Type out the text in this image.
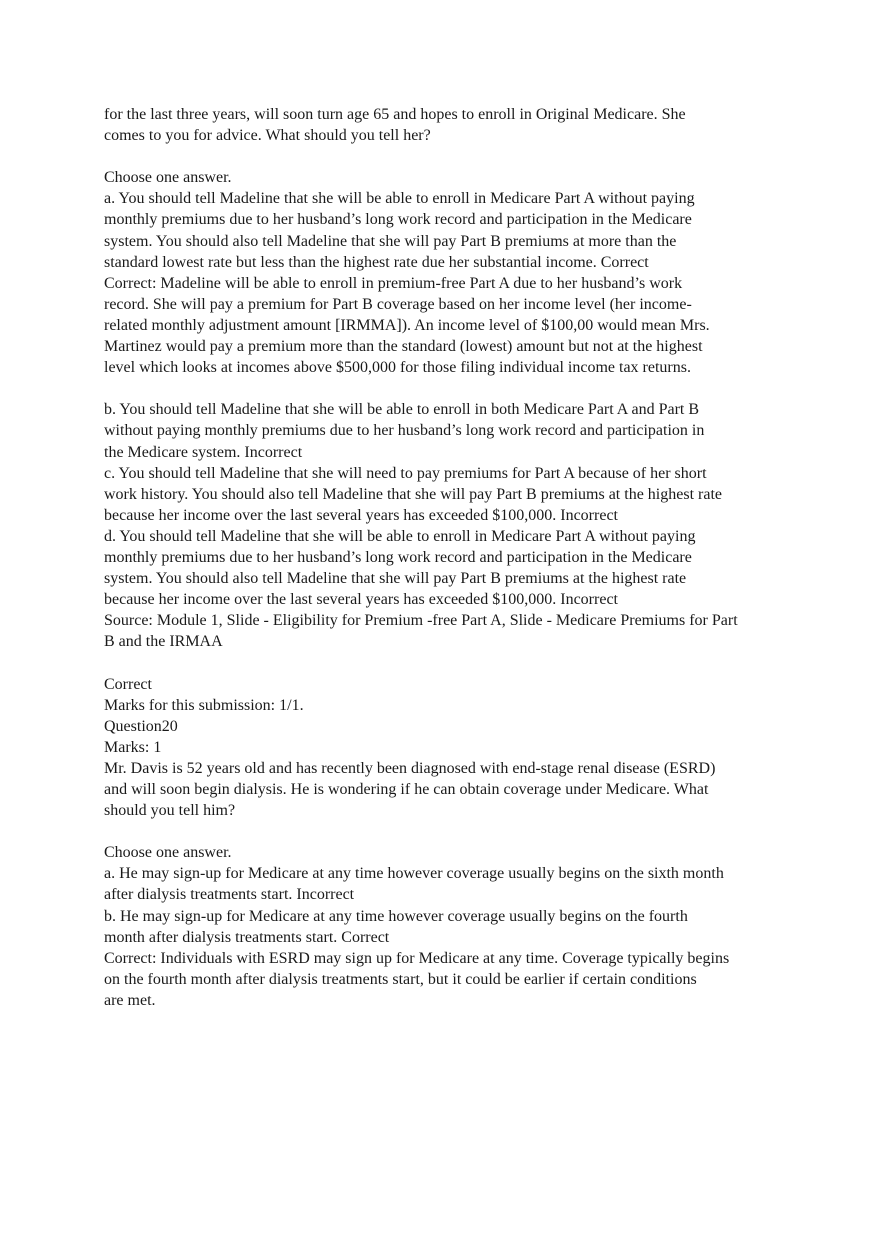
for the last three years, will soon turn age 65 and hopes to enroll in Original Medicare. She
comes to you for advice. What should you tell her?
Choose one answer.
a. You should tell Madeline that she will be able to enroll in Medicare Part A without paying
monthly premiums due to her husband’s long work record and participation in the Medicare
system. You should also tell Madeline that she will pay Part B premiums at more than the
standard lowest rate but less than the highest rate due her substantial income. Correct
Correct: Madeline will be able to enroll in premium-free Part A due to her husband’s work
record. She will pay a premium for Part B coverage based on her income level (her income-
related monthly adjustment amount [IRMMA]). An income level of $100,00 would mean Mrs.
Martinez would pay a premium more than the standard (lowest) amount but not at the highest
level which looks at incomes above $500,000 for those filing individual income tax returns.
b. You should tell Madeline that she will be able to enroll in both Medicare Part A and Part B
without paying monthly premiums due to her husband’s long work record and participation in
the Medicare system. Incorrect
c. You should tell Madeline that she will need to pay premiums for Part A because of her short
work history. You should also tell Madeline that she will pay Part B premiums at the highest rate
because her income over the last several years has exceeded $100,000. Incorrect
d. You should tell Madeline that she will be able to enroll in Medicare Part A without paying
monthly premiums due to her husband’s long work record and participation in the Medicare
system. You should also tell Madeline that she will pay Part B premiums at the highest rate
because her income over the last several years has exceeded $100,000. Incorrect
Source: Module 1, Slide - Eligibility for Premium -free Part A, Slide - Medicare Premiums for Part
B and the IRMAA
Correct
Marks for this submission: 1/1.
Question20
Marks: 1
Mr. Davis is 52 years old and has recently been diagnosed with end-stage renal disease (ESRD)
and will soon begin dialysis. He is wondering if he can obtain coverage under Medicare. What
should you tell him?
Choose one answer.
a. He may sign-up for Medicare at any time however coverage usually begins on the sixth month
after dialysis treatments start. Incorrect
b. He may sign-up for Medicare at any time however coverage usually begins on the fourth
month after dialysis treatments start. Correct
Correct: Individuals with ESRD may sign up for Medicare at any time. Coverage typically begins
on the fourth month after dialysis treatments start, but it could be earlier if certain conditions
are met.
